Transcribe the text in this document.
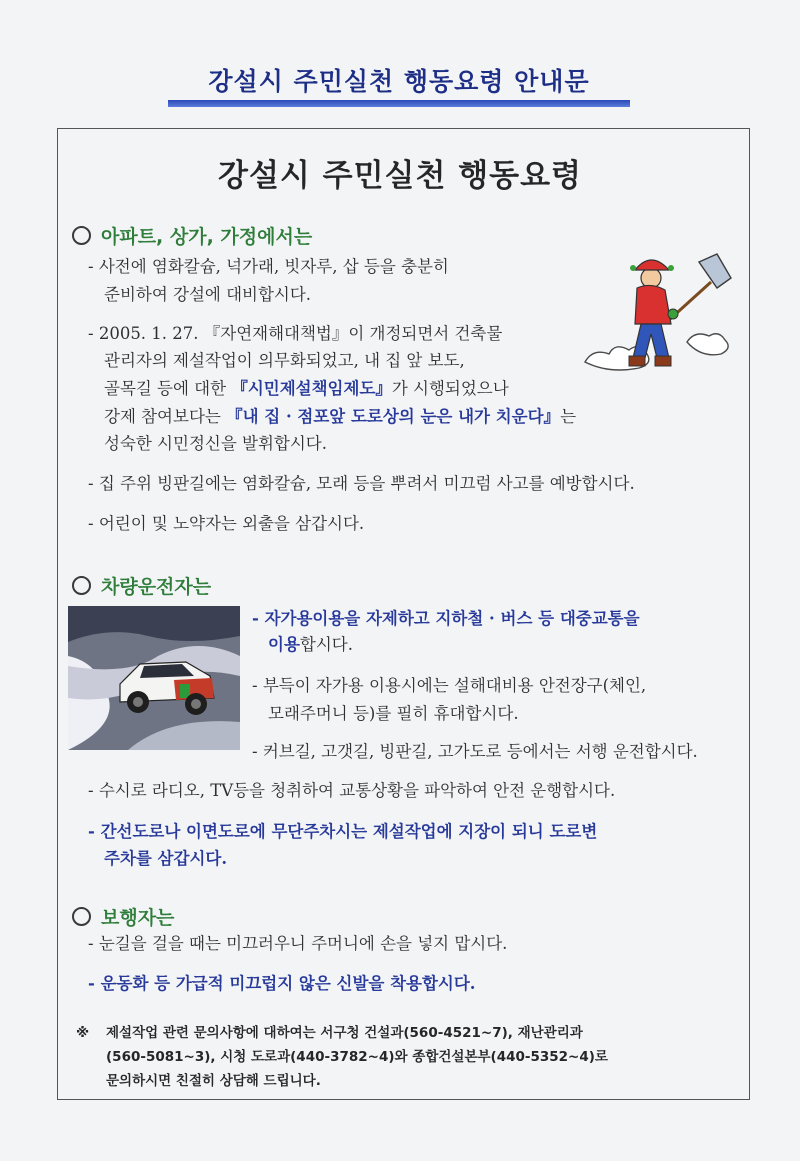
강설시 주민실천 행동요령 안내문
강설시 주민실천 행동요령
아파트, 상가, 가정에서는
- 사전에 염화칼슘, 넉가래, 빗자루, 삽 등을 충분히
준비하여 강설에 대비합시다.
- 2005. 1. 27. 『자연재해대책법』이 개정되면서 건축물
관리자의 제설작업이 의무화되었고, 내 집 앞 보도,
골목길 등에 대한 『시민제설책임제도』가 시행되었으나
강제 참여보다는 『내 집 · 점포앞 도로상의 눈은 내가 치운다』는
성숙한 시민정신을 발휘합시다.
- 집 주위 빙판길에는 염화칼슘, 모래 등을 뿌려서 미끄럼 사고를 예방합시다.
- 어린이 및 노약자는 외출을 삼갑시다.
차량운전자는
- 자가용이용을 자제하고 지하철 · 버스 등 대중교통을
이용합시다.
- 부득이 자가용 이용시에는 설해대비용 안전장구(체인,
모래주머니 등)를 필히 휴대합시다.
- 커브길, 고갯길, 빙판길, 고가도로 등에서는 서행 운전합시다.
- 수시로 라디오, TV등을 청취하여 교통상황을 파악하여 안전 운행합시다.
- 간선도로나 이면도로에 무단주차시는 제설작업에 지장이 되니 도로변
주차를 삼갑시다.
보행자는
- 눈길을 걸을 때는 미끄러우니 주머니에 손을 넣지 맙시다.
- 운동화 등 가급적 미끄럽지 않은 신발을 착용합시다.
※ 제설작업 관련 문의사항에 대하여는 서구청 건설과(560-4521~7), 재난관리과
(560-5081~3), 시청 도로과(440-3782~4)와 종합건설본부(440-5352~4)로
문의하시면 친절히 상담해 드립니다.
